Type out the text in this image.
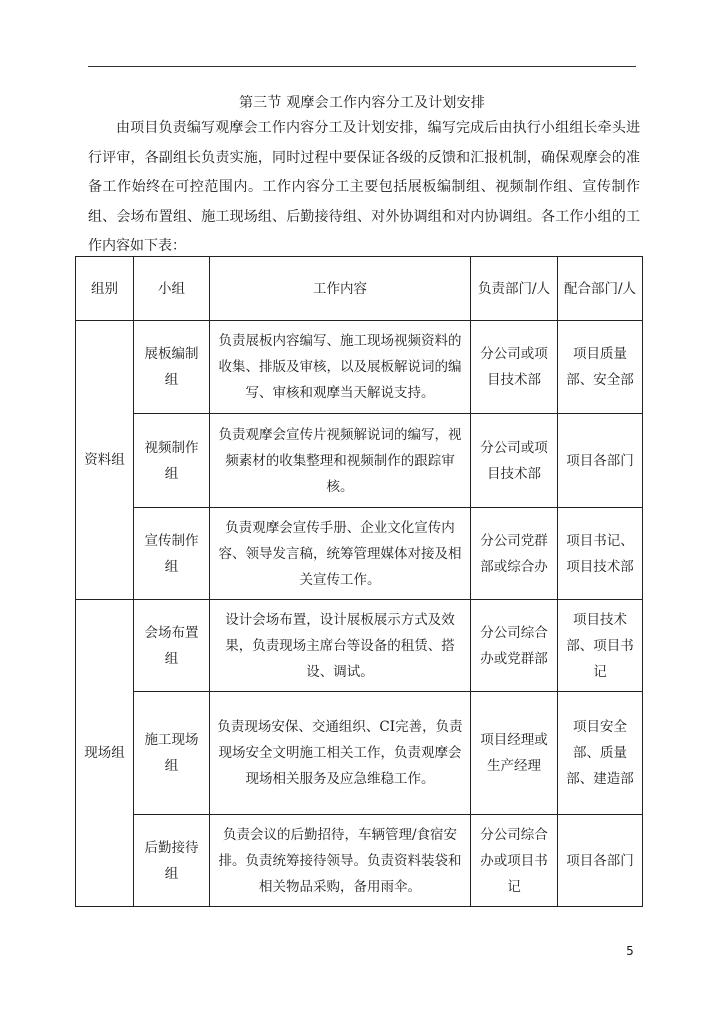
第三节 观摩会工作内容分工及计划安排

由项目负责编写观摩会工作内容分工及计划安排，编写完成后由执行小组组长牵头进行评审，各副组长负责实施，同时过程中要保证各级的反馈和汇报机制，确保观摩会的准备工作始终在可控范围内。工作内容分工主要包括展板编制组、视频制作组、宣传制作组、会场布置组、施工现场组、后勤接待组、对外协调组和对内协调组。各工作小组的工作内容如下表：

组别	小组	工作内容	负责部门/人	配合部门/人
资料组	展板编制组	负责展板内容编写、施工现场视频资料的收集、排版及审核，以及展板解说词的编写、审核和观摩当天解说支持。	分公司或项目技术部	项目质量部、安全部
	视频制作组	负责观摩会宣传片视频解说词的编写，视频素材的收集整理和视频制作的跟踪审核。	分公司或项目技术部	项目各部门
	宣传制作组	负责观摩会宣传手册、企业文化宣传内容、领导发言稿，统筹管理媒体对接及相关宣传工作。	分公司党群部或综合办	项目书记、项目技术部
现场组	会场布置组	设计会场布置，设计展板展示方式及效果，负责现场主席台等设备的租赁、搭设、调试。	分公司综合办或党群部	项目技术部、项目书记
	施工现场组	负责现场安保、交通组织、CI完善，负责现场安全文明施工相关工作，负责观摩会现场相关服务及应急维稳工作。	项目经理或生产经理	项目安全部、质量部、建造部
	后勤接待组	负责会议的后勤招待，车辆管理/食宿安排。负责统筹接待领导。负责资料装袋和相关物品采购，备用雨伞。	分公司综合办或项目书记	项目各部门
5
